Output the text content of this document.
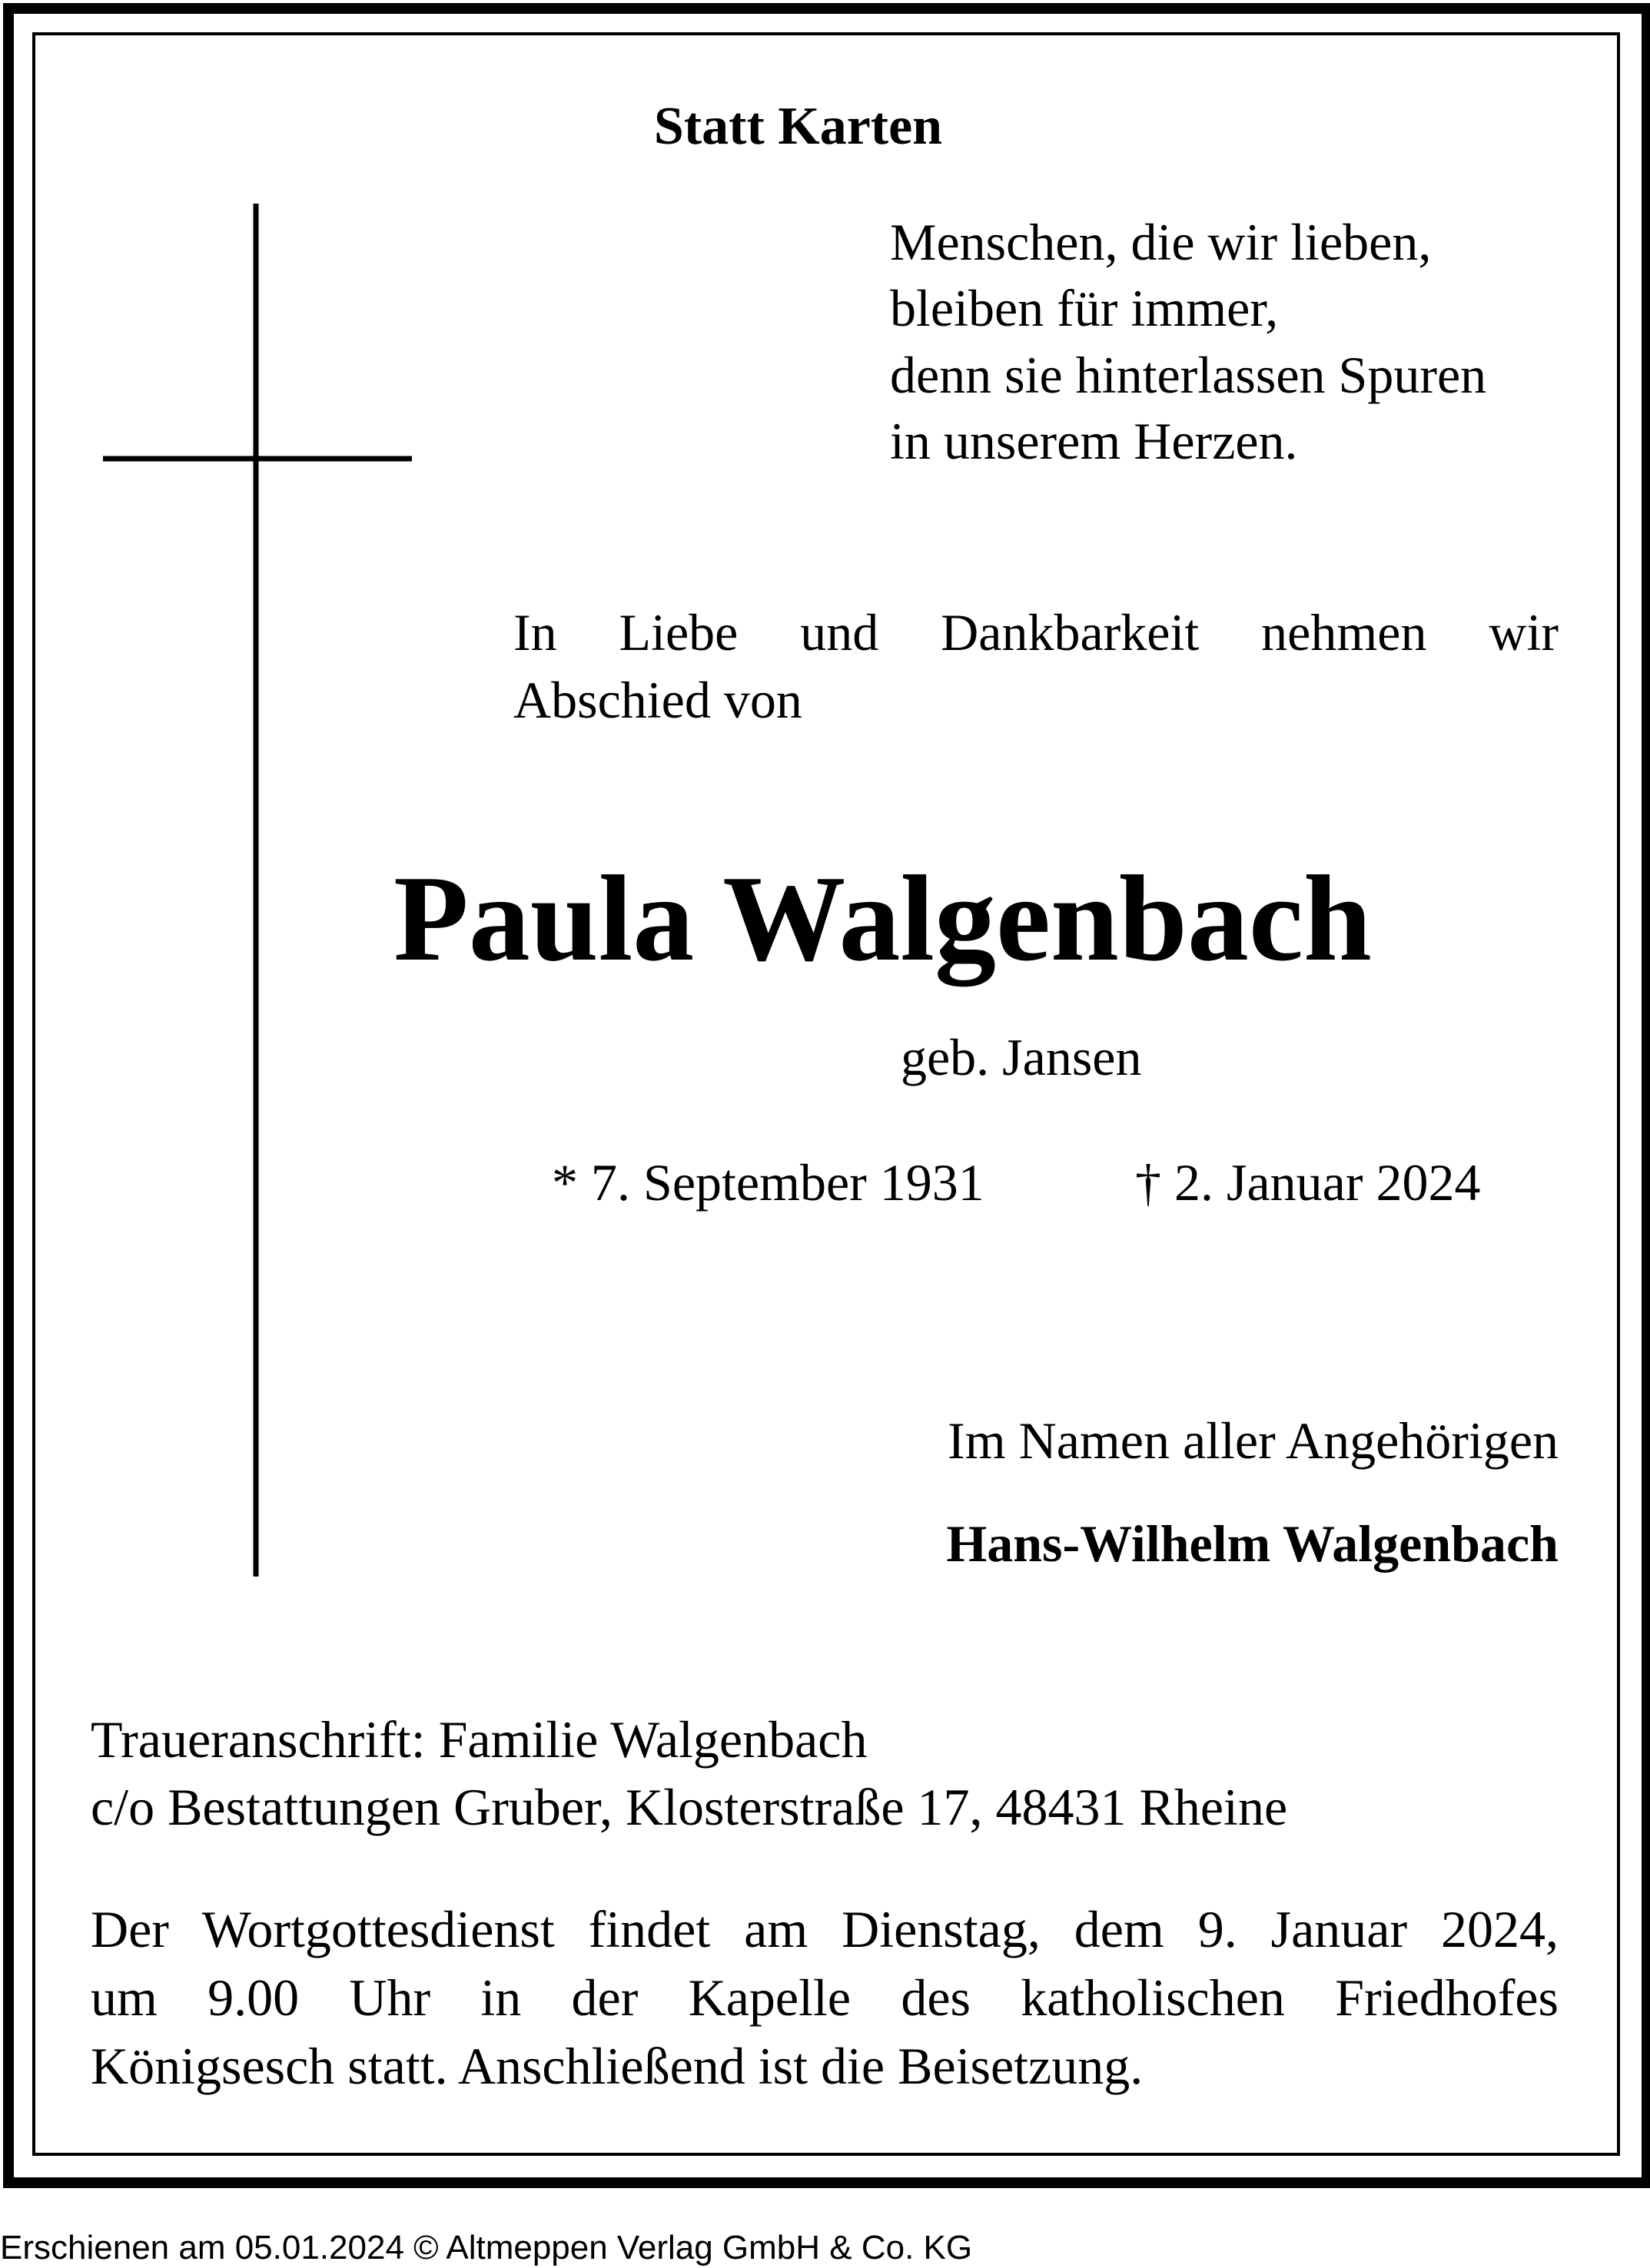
Statt Karten

Menschen, die wir lieben,
bleiben für immer,
denn sie hinterlassen Spuren
in unserem Herzen.
In Liebe und Dankbarkeit nehmen wir
Abschied von

Paula Walgenbach

geb. Jansen

* 7. September 1931	† 2. Januar 2024

Im Namen aller Angehörigen

Hans-Wilhelm Walgenbach

Traueranschrift: Familie Walgenbach
c/o Bestattungen Gruber, Klosterstraße 17, 48431 Rheine
Der Wortgottesdienst findet am Dienstag, dem 9. Januar 2024,
um 9.00 Uhr in der Kapelle des katholischen Friedhofes
Königsesch statt. Anschließend ist die Beisetzung.

Erschienen am 05.01.2024 © Altmeppen Verlag GmbH & Co. KG
